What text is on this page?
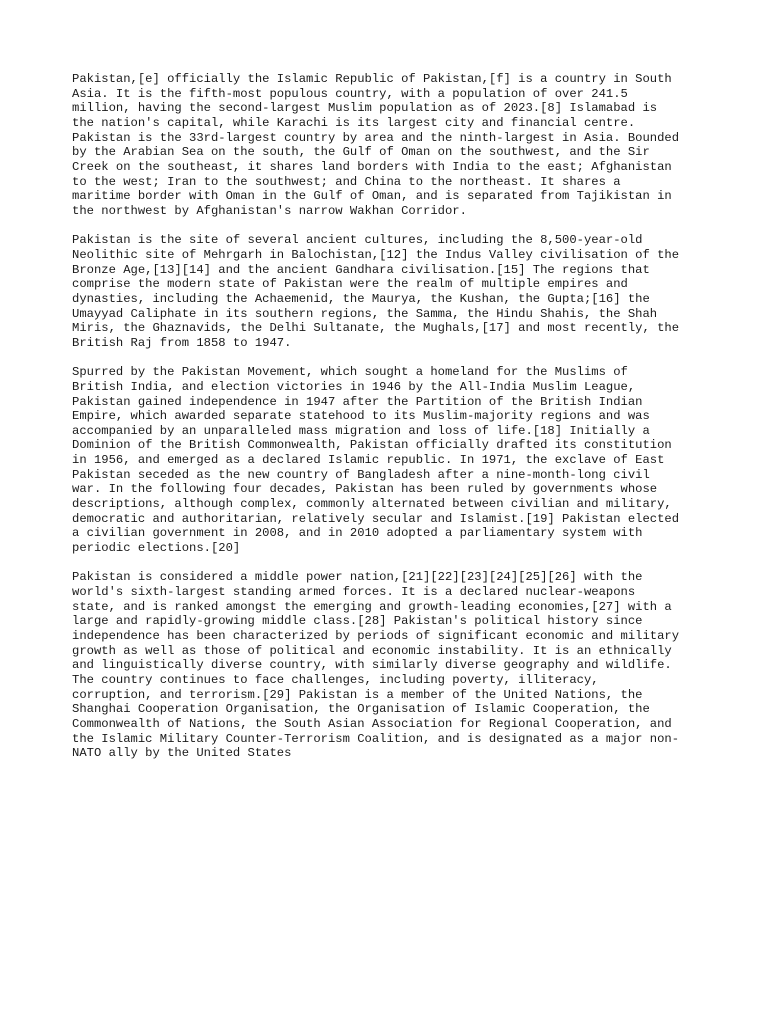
Pakistan,[e] officially the Islamic Republic of Pakistan,[f] is a country in South
Asia. It is the fifth-most populous country, with a population of over 241.5
million, having the second-largest Muslim population as of 2023.[8] Islamabad is
the nation's capital, while Karachi is its largest city and financial centre.
Pakistan is the 33rd-largest country by area and the ninth-largest in Asia. Bounded
by the Arabian Sea on the south, the Gulf of Oman on the southwest, and the Sir
Creek on the southeast, it shares land borders with India to the east; Afghanistan
to the west; Iran to the southwest; and China to the northeast. It shares a
maritime border with Oman in the Gulf of Oman, and is separated from Tajikistan in
the northwest by Afghanistan's narrow Wakhan Corridor.

Pakistan is the site of several ancient cultures, including the 8,500-year-old
Neolithic site of Mehrgarh in Balochistan,[12] the Indus Valley civilisation of the
Bronze Age,[13][14] and the ancient Gandhara civilisation.[15] The regions that
comprise the modern state of Pakistan were the realm of multiple empires and
dynasties, including the Achaemenid, the Maurya, the Kushan, the Gupta;[16] the
Umayyad Caliphate in its southern regions, the Samma, the Hindu Shahis, the Shah
Miris, the Ghaznavids, the Delhi Sultanate, the Mughals,[17] and most recently, the
British Raj from 1858 to 1947.

Spurred by the Pakistan Movement, which sought a homeland for the Muslims of
British India, and election victories in 1946 by the All-India Muslim League,
Pakistan gained independence in 1947 after the Partition of the British Indian
Empire, which awarded separate statehood to its Muslim-majority regions and was
accompanied by an unparalleled mass migration and loss of life.[18] Initially a
Dominion of the British Commonwealth, Pakistan officially drafted its constitution
in 1956, and emerged as a declared Islamic republic. In 1971, the exclave of East
Pakistan seceded as the new country of Bangladesh after a nine-month-long civil
war. In the following four decades, Pakistan has been ruled by governments whose
descriptions, although complex, commonly alternated between civilian and military,
democratic and authoritarian, relatively secular and Islamist.[19] Pakistan elected
a civilian government in 2008, and in 2010 adopted a parliamentary system with
periodic elections.[20]

Pakistan is considered a middle power nation,[21][22][23][24][25][26] with the
world's sixth-largest standing armed forces. It is a declared nuclear-weapons
state, and is ranked amongst the emerging and growth-leading economies,[27] with a
large and rapidly-growing middle class.[28] Pakistan's political history since
independence has been characterized by periods of significant economic and military
growth as well as those of political and economic instability. It is an ethnically
and linguistically diverse country, with similarly diverse geography and wildlife.
The country continues to face challenges, including poverty, illiteracy,
corruption, and terrorism.[29] Pakistan is a member of the United Nations, the
Shanghai Cooperation Organisation, the Organisation of Islamic Cooperation, the
Commonwealth of Nations, the South Asian Association for Regional Cooperation, and
the Islamic Military Counter-Terrorism Coalition, and is designated as a major non-
NATO ally by the United States
